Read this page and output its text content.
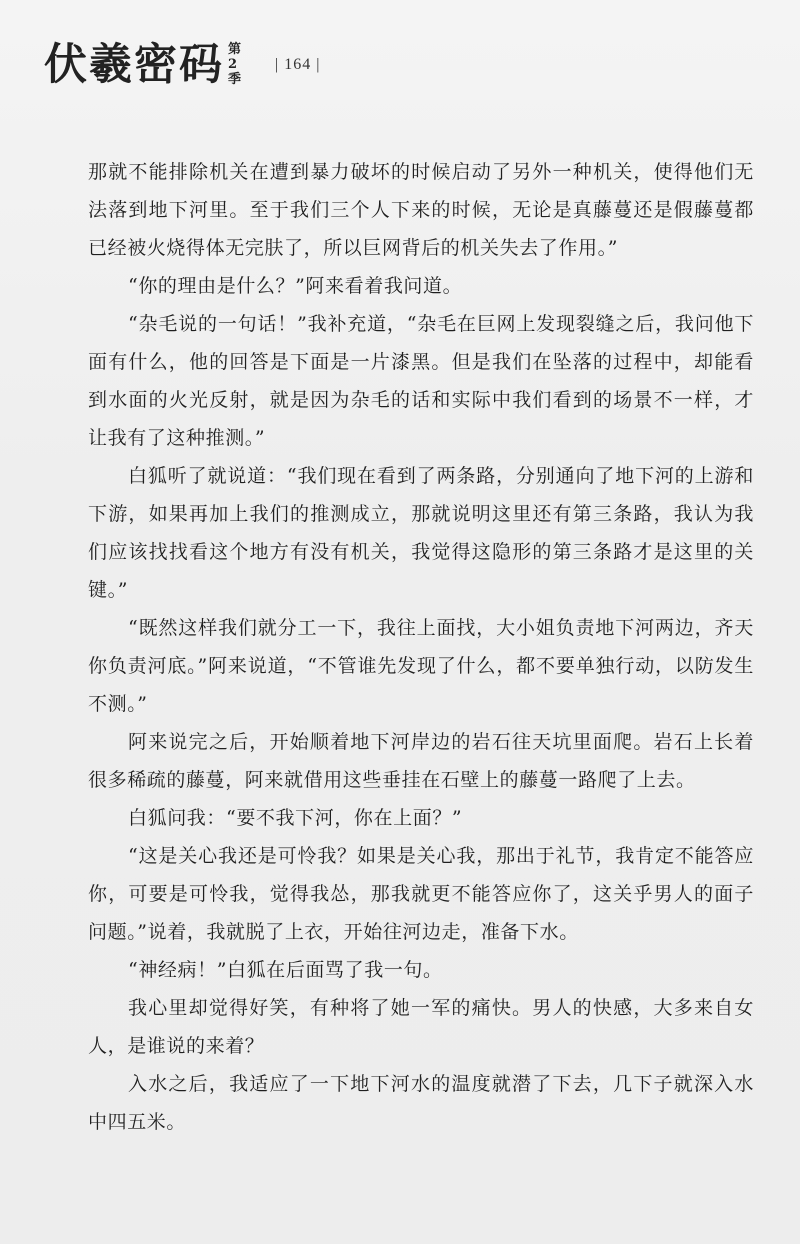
伏羲密码 第
2
季
| 164 |

那就不能排除机关在遭到暴力破坏的时候启动了另外一种机关，使得他们无法落到地下河里。至于我们三个人下来的时候，无论是真藤蔓还是假藤蔓都已经被火烧得体无完肤了，所以巨网背后的机关失去了作用。”

“你的理由是什么？”阿来看着我问道。

“杂毛说的一句话！”我补充道，“杂毛在巨网上发现裂缝之后，我问他下面有什么，他的回答是下面是一片漆黑。但是我们在坠落的过程中，却能看到水面的火光反射，就是因为杂毛的话和实际中我们看到的场景不一样，才让我有了这种推测。”

白狐听了就说道：“我们现在看到了两条路，分别通向了地下河的上游和下游，如果再加上我们的推测成立，那就说明这里还有第三条路，我认为我们应该找找看这个地方有没有机关，我觉得这隐形的第三条路才是这里的关键。”

“既然这样我们就分工一下，我往上面找，大小姐负责地下河两边，齐天你负责河底。”阿来说道，“不管谁先发现了什么，都不要单独行动，以防发生不测。”

阿来说完之后，开始顺着地下河岸边的岩石往天坑里面爬。岩石上长着很多稀疏的藤蔓，阿来就借用这些垂挂在石壁上的藤蔓一路爬了上去。

白狐问我：“要不我下河，你在上面？”

“这是关心我还是可怜我？如果是关心我，那出于礼节，我肯定不能答应你，可要是可怜我，觉得我怂，那我就更不能答应你了，这关乎男人的面子问题。”说着，我就脱了上衣，开始往河边走，准备下水。

“神经病！”白狐在后面骂了我一句。

我心里却觉得好笑，有种将了她一军的痛快。男人的快感，大多来自女人，是谁说的来着？

入水之后，我适应了一下地下河水的温度就潜了下去，几下子就深入水中四五米。
